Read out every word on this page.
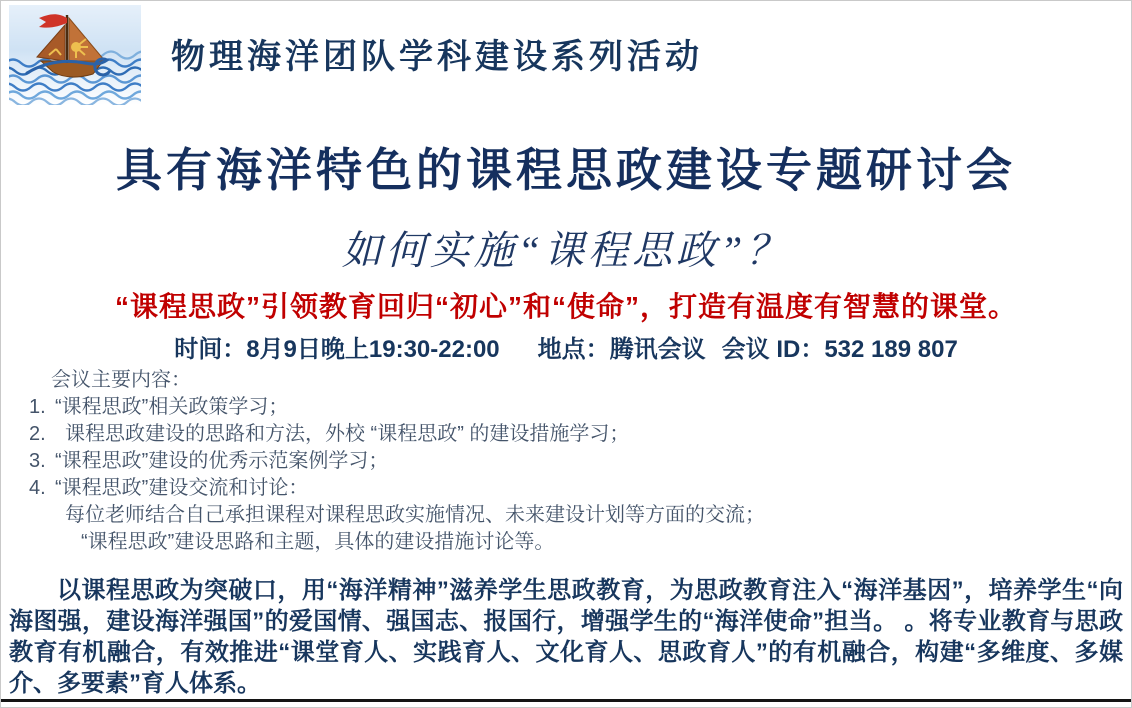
物理海洋团队学科建设系列活动
具有海洋特色的课程思政建设专题研讨会
如何实施“课程思政”？
“课程思政”引领教育回归“初心”和“使命”，打造有温度有智慧的课堂。
时间：8月9日晚上19:30-22:00 地点：腾讯会议 会议 ID：532 189 807
会议主要内容：
1. “课程思政”相关政策学习；
2. 课程思政建设的思路和方法，外校 “课程思政” 的建设措施学习；
3. “课程思政”建设的优秀示范案例学习；
4. “课程思政”建设交流和讨论：
每位老师结合自己承担课程对课程思政实施情况、未来建设计划等方面的交流；
“课程思政”建设思路和主题，具体的建设措施讨论等。
以课程思政为突破口，用“海洋精神”滋养学生思政教育，为思政教育注入“海洋基因”，培养学生“向海图强，建设海洋强国”的爱国情、强国志、报国行，增强学生的“海洋使命”担当。 。将专业教育与思政教育有机融合，有效推进“课堂育人、实践育人、文化育人、思政育人”的有机融合，构建“多维度、多媒介、多要素”育人体系。
